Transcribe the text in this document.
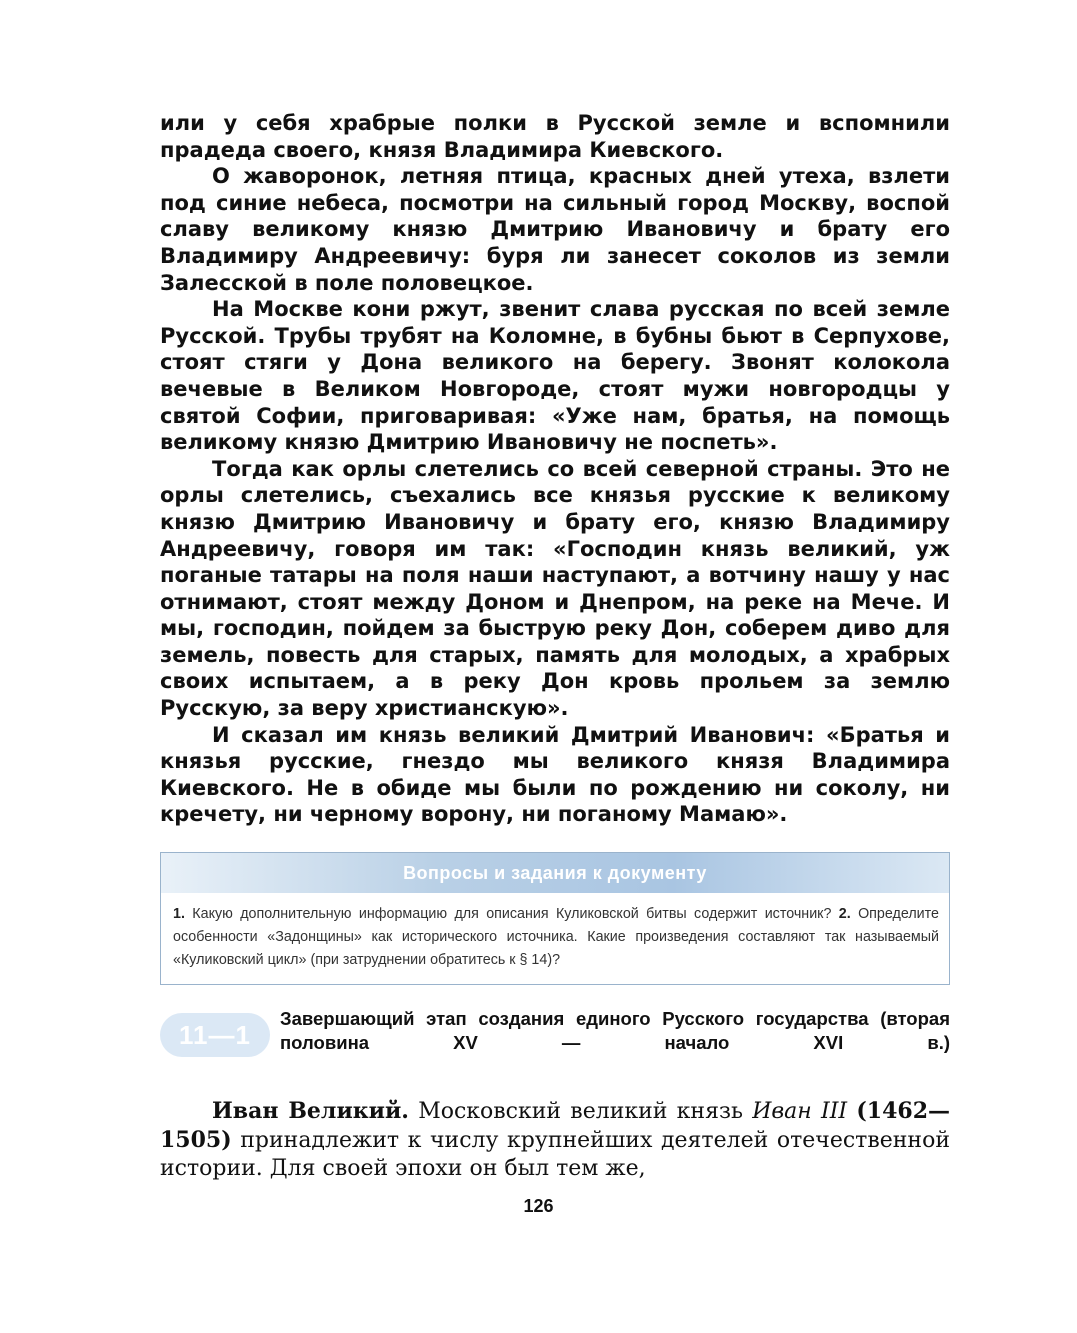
или у себя храбрые полки в Русской земле и вспомнили прадеда своего, князя Владимира Киевского.

О жаворонок, летняя птица, красных дней утеха, взлети под синие небеса, посмотри на сильный город Москву, воспой славу великому князю Дмитрию Ивановичу и брату его Владимиру Андреевичу: буря ли занесет соколов из земли Залесской в поле половецкое.

На Москве кони ржут, звенит слава русская по всей земле Русской. Трубы трубят на Коломне, в бубны бьют в Серпухове, стоят стяги у Дона великого на берегу. Звонят колокола вечевые в Великом Новгороде, стоят мужи новгородцы у святой Софии, приговаривая: «Уже нам, братья, на помощь великому князю Дмитрию Ивановичу не поспеть».

Тогда как орлы слетелись со всей северной страны. Это не орлы слетелись, съехались все князья русские к великому князю Дмитрию Ивановичу и брату его, князю Владимиру Андреевичу, говоря им так: «Господин князь великий, уж поганые татары на поля наши наступают, а вотчину нашу у нас отнимают, стоят между Доном и Днепром, на реке на Мече. И мы, господин, пойдем за быструю реку Дон, соберем диво для земель, повесть для старых, память для молодых, а храбрых своих испытаем, а в реку Дон кровь прольем за землю Русскую, за веру христианскую».

И сказал им князь великий Дмитрий Иванович: «Братья и князья русские, гнездо мы великого князя Владимира Киевского. Не в обиде мы были по рождению ни соколу, ни кречету, ни черному ворону, ни поганому Мамаю».

Вопросы и задания к документу
1. Какую дополнительную информацию для описания Куликовской битвы содержит источник? 2. Определите особенности «Задонщины» как исторического источника. Какие произведения составляют так называемый «Куликовский цикл» (при затруднении обратитесь к § 14)?
11—1

Завершающий этап создания единого Русского государства (вторая половина XV — начало XVI в.)

Иван Великий. Московский великий князь Иван III (1462—1505) принадлежит к числу крупнейших деятелей отечественной истории. Для своей эпохи он был тем же,

126
